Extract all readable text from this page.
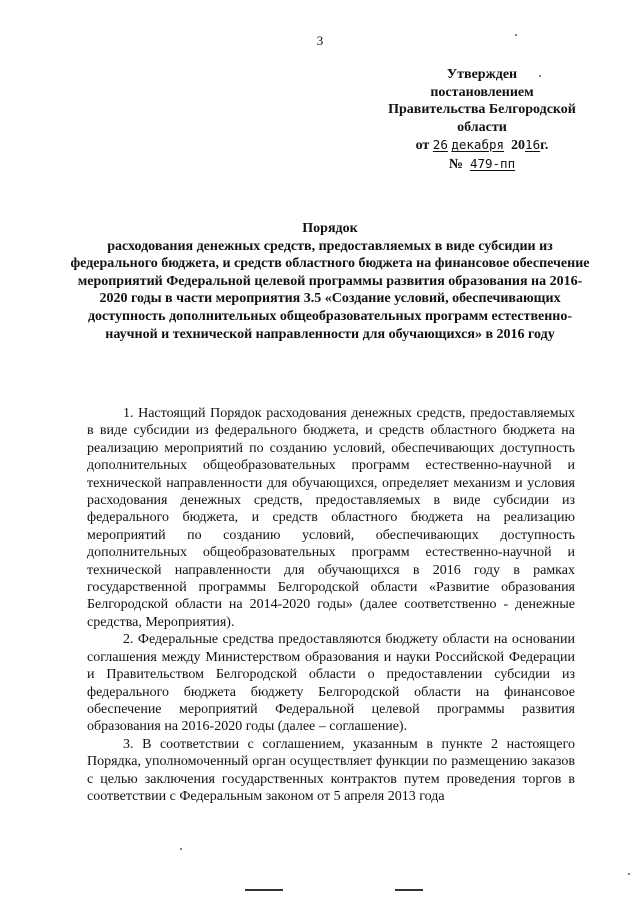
3
Утвержден
постановлением
Правительства Белгородской
области
от 26 декабря 2016г.
№ 479-пп
Порядок
расходования денежных средств, предоставляемых в виде субсидии из федерального бюджета, и средств областного бюджета на финансовое обеспечение мероприятий Федеральной целевой программы развития образования на 2016-2020 годы в части мероприятия 3.5 «Создание условий, обеспечивающих доступность дополнительных общеобразовательных программ естественно-научной и технической направленности для обучающихся» в 2016 году

1. Настоящий Порядок расходования денежных средств, предоставляемых в виде субсидии из федерального бюджета, и средств областного бюджета на реализацию мероприятий по созданию условий, обеспечивающих доступность дополнительных общеобразовательных программ естественно-научной и технической направленности для обучающихся, определяет механизм и условия расходования денежных средств, предоставляемых в виде субсидии из федерального бюджета, и средств областного бюджета на реализацию мероприятий по созданию условий, обеспечивающих доступность дополнительных общеобразовательных программ естественно-научной и технической направленности для обучающихся в 2016 году в рамках государственной программы Белгородской области «Развитие образования Белгородской области на 2014-2020 годы» (далее соответственно - денежные средства, Мероприятия).

2. Федеральные средства предоставляются бюджету области на основании соглашения между Министерством образования и науки Российской Федерации и Правительством Белгородской области о предоставлении субсидии из федерального бюджета бюджету Белгородской области на финансовое обеспечение мероприятий Федеральной целевой программы развития образования на 2016-2020 годы (далее – соглашение).

3. В соответствии с соглашением, указанным в пункте 2 настоящего Порядка, уполномоченный орган осуществляет функции по размещению заказов с целью заключения государственных контрактов путем проведения торгов в соответствии с Федеральным законом от 5 апреля 2013 года
